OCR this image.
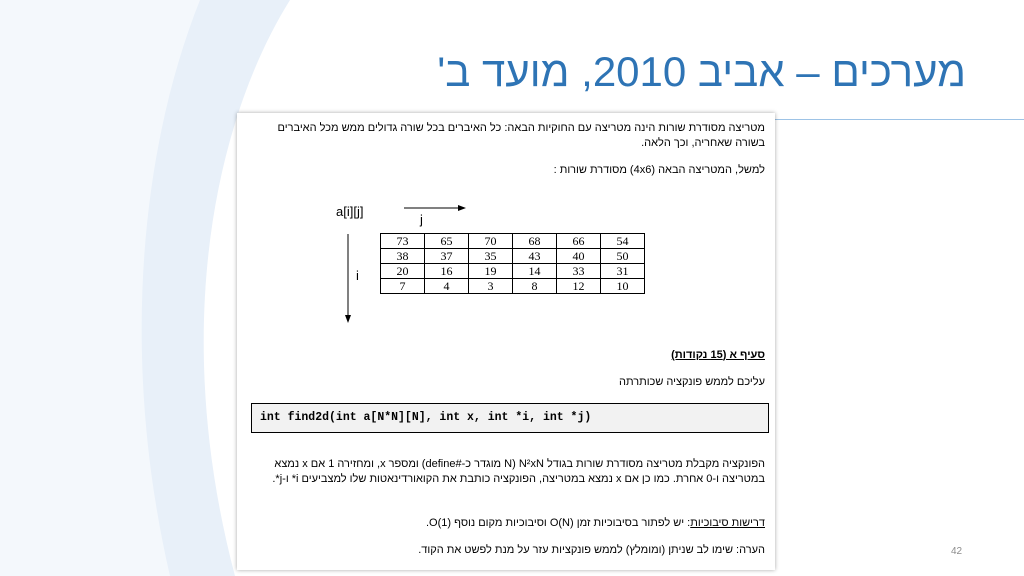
מערכים – אביב 2010, מועד ב'
מטריצה מסודרת שורות הינה מטריצה עם החוקיות הבאה: כל האיברים בכל שורה גדולים ממש מכל האיברים בשורה שאחריה, וכך הלאה.
למשל, המטריצה הבאה (4x6) מסודרת שורות :
a[i][j]
j
i
73	65	70	68	66	54
38	37	35	43	40	50
20	16	19	14	33	31
7	4	3	8	12	10
סעיף א (15 נקודות)
עליכם לממש פונקציה שכותרתה
int find2d(int a[N*N][N], int x, int *i, int *j)
הפונקציה מקבלת מטריצה מסודרת שורות בגודל N²xN (N מוגדר כ-#define) ומספר x, ומחזירה 1 אם x נמצא במטריצה ו-0 אחרת. כמו כן אם x נמצא במטריצה, הפונקציה כותבת את הקואורדינאטות שלו למצביעים i* ו-j*.
דרישות סיבוכיות: יש לפתור בסיבוכיות זמן O(N) וסיבוכיות מקום נוסף O(1).
הערה: שימו לב שניתן (ומומלץ) לממש פונקציות עזר על מנת לפשט את הקוד.	42
